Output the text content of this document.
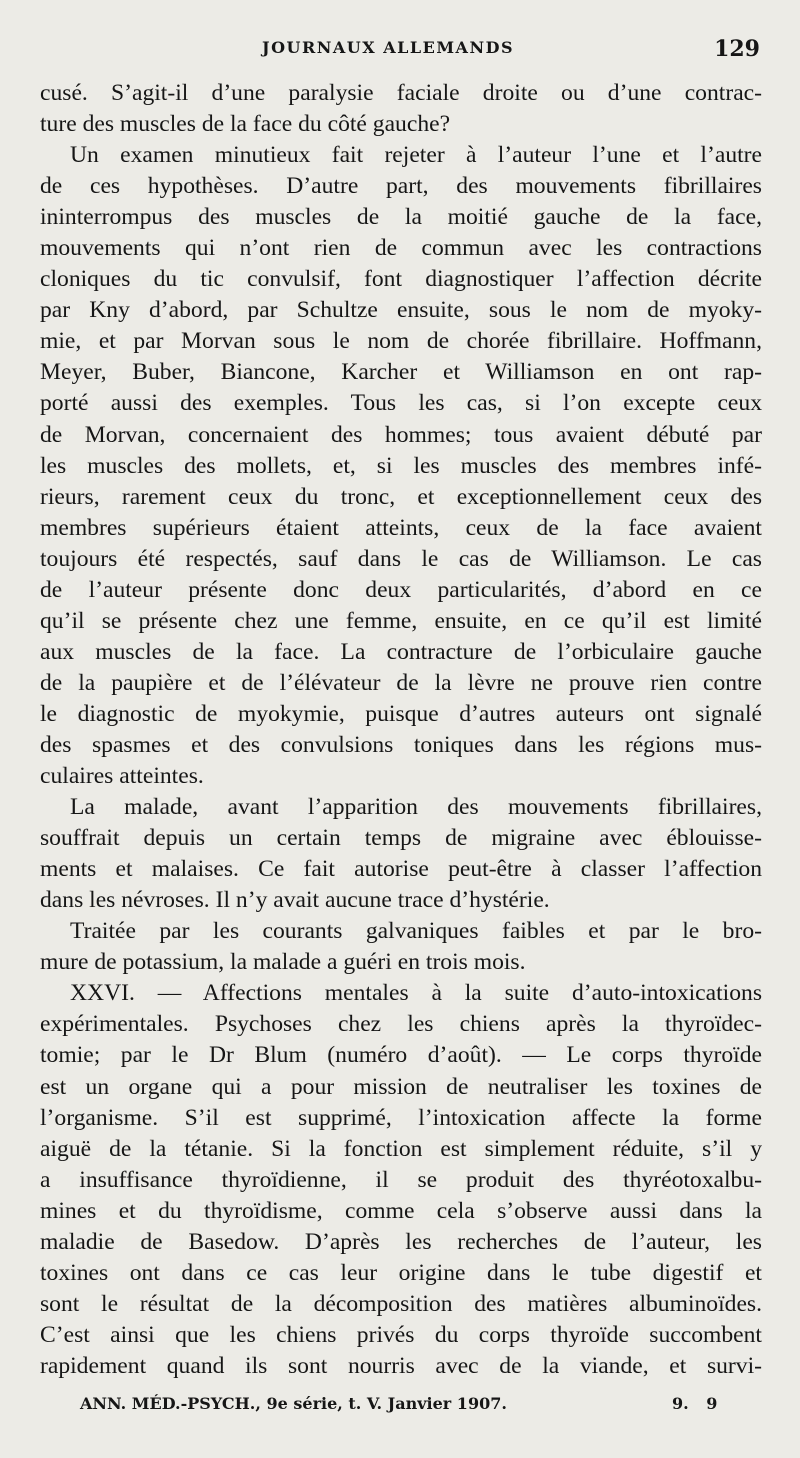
JOURNAUX ALLEMANDS	129
cusé. S’agit-il d’une paralysie faciale droite ou d’une contrac-
ture des muscles de la face du côté gauche?
Un examen minutieux fait rejeter à l’auteur l’une et l’autre
de ces hypothèses. D’autre part, des mouvements fibrillaires
ininterrompus des muscles de la moitié gauche de la face,
mouvements qui n’ont rien de commun avec les contractions
cloniques du tic convulsif, font diagnostiquer l’affection décrite
par Kny d’abord, par Schultze ensuite, sous le nom de myoky-
mie, et par Morvan sous le nom de chorée fibrillaire. Hoffmann,
Meyer, Buber, Biancone, Karcher et Williamson en ont rap-
porté aussi des exemples. Tous les cas, si l’on excepte ceux
de Morvan, concernaient des hommes; tous avaient débuté par
les muscles des mollets, et, si les muscles des membres infé-
rieurs, rarement ceux du tronc, et exceptionnellement ceux des
membres supérieurs étaient atteints, ceux de la face avaient
toujours été respectés, sauf dans le cas de Williamson. Le cas
de l’auteur présente donc deux particularités, d’abord en ce
qu’il se présente chez une femme, ensuite, en ce qu’il est limité
aux muscles de la face. La contracture de l’orbiculaire gauche
de la paupière et de l’élévateur de la lèvre ne prouve rien contre
le diagnostic de myokymie, puisque d’autres auteurs ont signalé
des spasmes et des convulsions toniques dans les régions mus-
culaires atteintes.
La malade, avant l’apparition des mouvements fibrillaires,
souffrait depuis un certain temps de migraine avec éblouisse-
ments et malaises. Ce fait autorise peut-être à classer l’affection
dans les névroses. Il n’y avait aucune trace d’hystérie.
Traitée par les courants galvaniques faibles et par le bro-
mure de potassium, la malade a guéri en trois mois.
XXVI. — Affections mentales à la suite d’auto-intoxications
expérimentales. Psychoses chez les chiens après la thyroïdec-
tomie; par le Dr Blum (numéro d’août). — Le corps thyroïde
est un organe qui a pour mission de neutraliser les toxines de
l’organisme. S’il est supprimé, l’intoxication affecte la forme
aiguë de la tétanie. Si la fonction est simplement réduite, s’il y
a insuffisance thyroïdienne, il se produit des thyréotoxalbu-
mines et du thyroïdisme, comme cela s’observe aussi dans la
maladie de Basedow. D’après les recherches de l’auteur, les
toxines ont dans ce cas leur origine dans le tube digestif et
sont le résultat de la décomposition des matières albuminoïdes.
C’est ainsi que les chiens privés du corps thyroïde succombent
rapidement quand ils sont nourris avec de la viande, et survi-
ANN. MÉD.-PSYCH., 9e série, t. V. Janvier 1907.	9. 9
